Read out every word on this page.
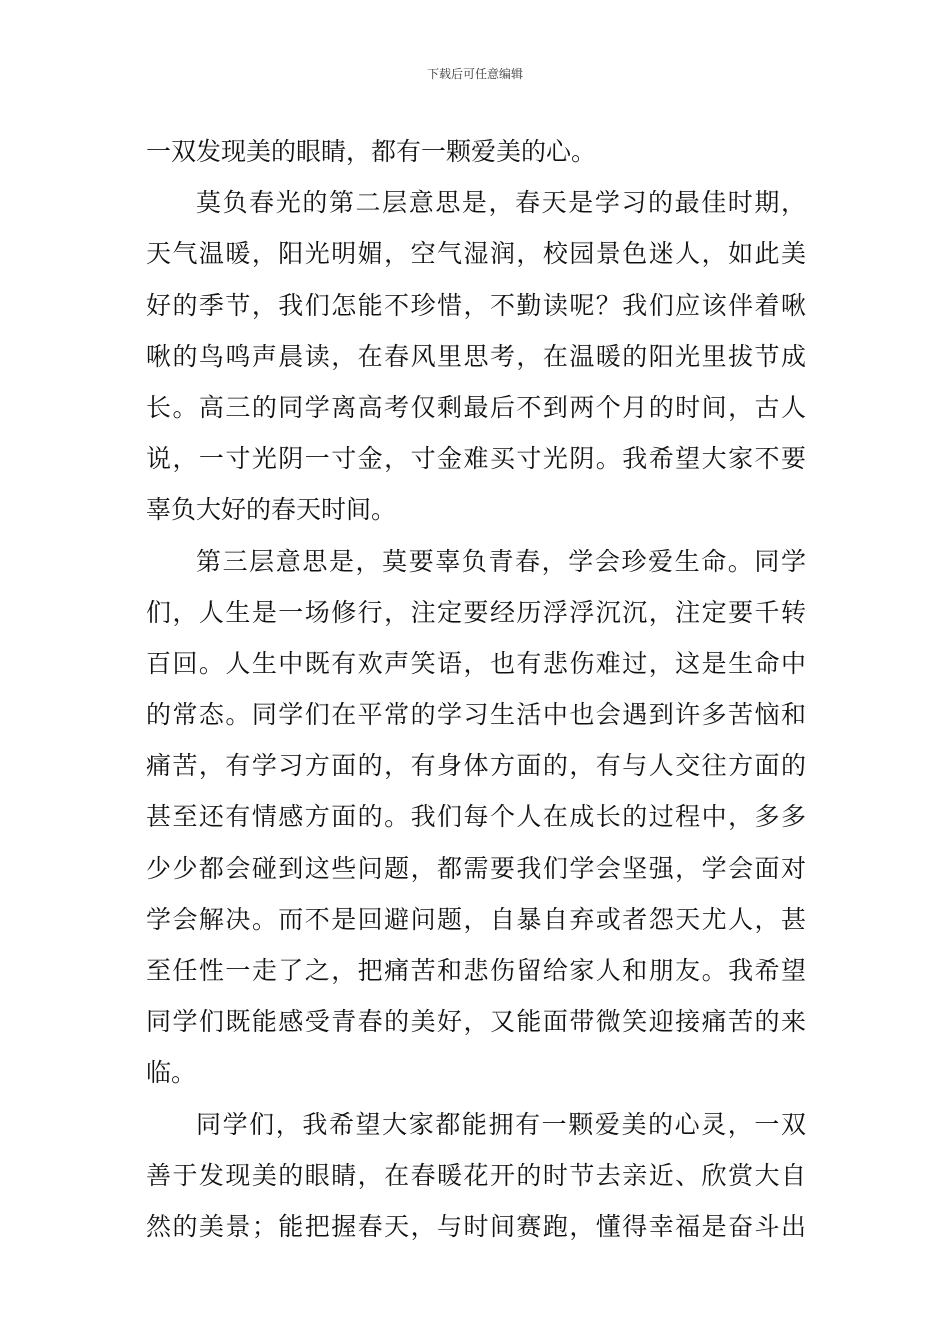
下载后可任意编辑
一双发现美的眼睛，都有一颗爱美的心。
莫负春光的第二层意思是，春天是学习的最佳时期，
天气温暖，阳光明媚，空气湿润，校园景色迷人，如此美
好的季节，我们怎能不珍惜，不勤读呢？我们应该伴着啾
啾的鸟鸣声晨读，在春风里思考，在温暖的阳光里拔节成
长。高三的同学离高考仅剩最后不到两个月的时间，古人
说，一寸光阴一寸金，寸金难买寸光阴。我希望大家不要
辜负大好的春天时间。
第三层意思是，莫要辜负青春，学会珍爱生命。同学
们，人生是一场修行，注定要经历浮浮沉沉，注定要千转
百回。人生中既有欢声笑语，也有悲伤难过，这是生命中
的常态。同学们在平常的学习生活中也会遇到许多苦恼和
痛苦，有学习方面的，有身体方面的，有与人交往方面的
甚至还有情感方面的。我们每个人在成长的过程中，多多
少少都会碰到这些问题，都需要我们学会坚强，学会面对
学会解决。而不是回避问题，自暴自弃或者怨天尤人，甚
至任性一走了之，把痛苦和悲伤留给家人和朋友。我希望
同学们既能感受青春的美好，又能面带微笑迎接痛苦的来
临。
同学们，我希望大家都能拥有一颗爱美的心灵，一双
善于发现美的眼睛，在春暖花开的时节去亲近、欣赏大自
然的美景；能把握春天，与时间赛跑，懂得幸福是奋斗出
